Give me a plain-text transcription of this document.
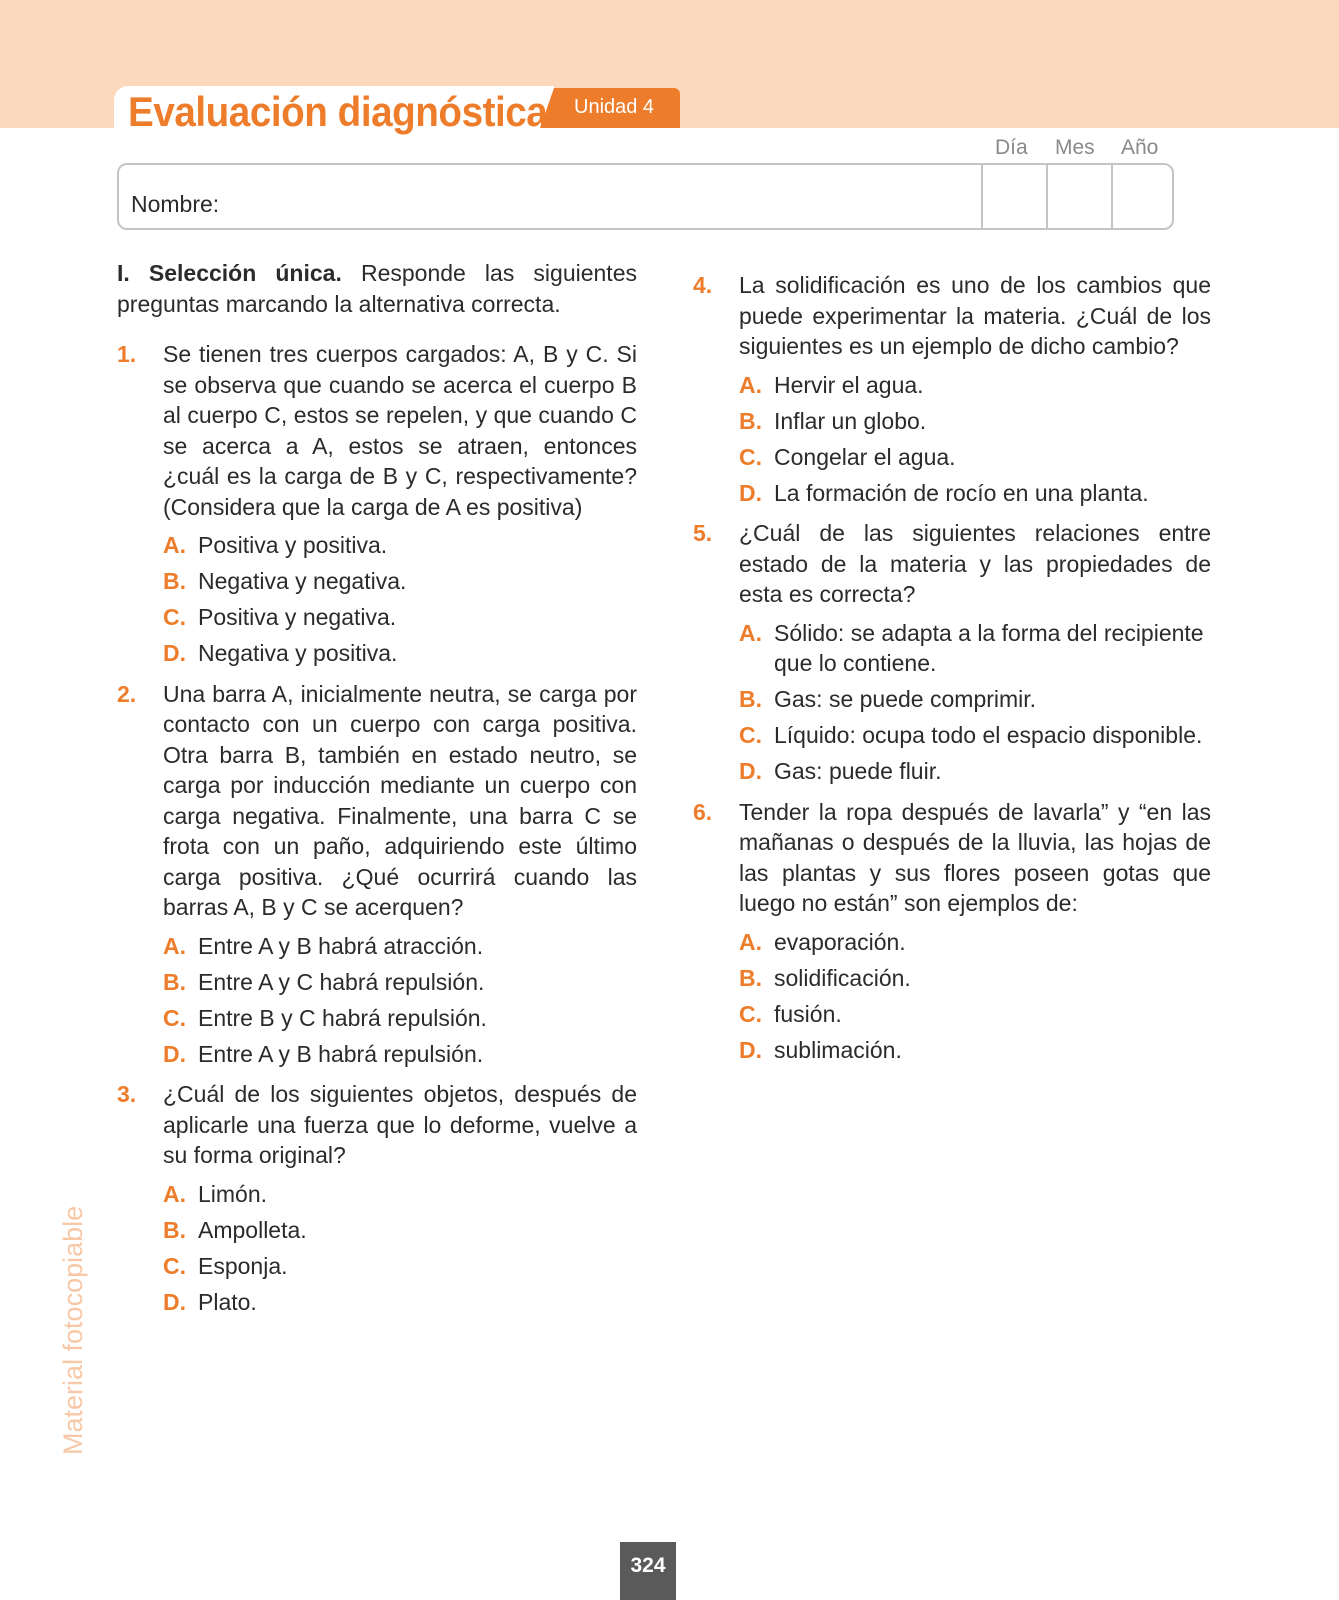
Evaluación diagnóstica Unidad 4
Día Mes Año
Nombre:

I. Selección única. Responde las siguientes preguntas marcando la alternativa correcta.

1. Se tienen tres cuerpos cargados: A, B y C. Si se observa que cuando se acerca el cuerpo B al cuerpo C, estos se repelen, y que cuando C se acerca a A, estos se atraen, entonces ¿cuál es la carga de B y C, respectivamente? (Considera que la carga de A es positiva)
A. Positiva y positiva.
B. Negativa y negativa.
C. Positiva y negativa.
D. Negativa y positiva.
2. Una barra A, inicialmente neutra, se carga por contacto con un cuerpo con carga positiva. Otra barra B, también en estado neutro, se carga por inducción mediante un cuerpo con carga negativa. Finalmente, una barra C se frota con un paño, adquiriendo este último carga positiva. ¿Qué ocurrirá cuando las barras A, B y C se acerquen?
A. Entre A y B habrá atracción.
B. Entre A y C habrá repulsión.
C. Entre B y C habrá repulsión.
D. Entre A y B habrá repulsión.
3. ¿Cuál de los siguientes objetos, después de aplicarle una fuerza que lo deforme, vuelve a su forma original?
A. Limón.
B. Ampolleta.
C. Esponja.
D. Plato.
4. La solidificación es uno de los cambios que puede experimentar la materia. ¿Cuál de los siguientes es un ejemplo de dicho cambio?
A. Hervir el agua.
B. Inflar un globo.
C. Congelar el agua.
D. La formación de rocío en una planta.
5. ¿Cuál de las siguientes relaciones entre estado de la materia y las propiedades de esta es correcta?
A. Sólido: se adapta a la forma del recipiente que lo contiene.
B. Gas: se puede comprimir.
C. Líquido: ocupa todo el espacio disponible.
D. Gas: puede fluir.
6. Tender la ropa después de lavarla” y “en las mañanas o después de la lluvia, las hojas de las plantas y sus flores poseen gotas que luego no están” son ejemplos de:
A. evaporación.
B. solidificación.
C. fusión.
D. sublimación.
Material fotocopiable
324
